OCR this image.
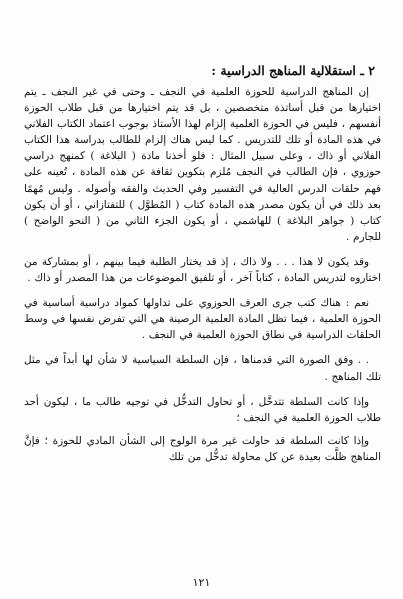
٢ ـ استقلالية المناهج الدراسية :

إن المناهج الدراسية للحوزة العلمية في النجف ـ وحتى في غير النجف ـ يتم اختيارها من قبل أساتذة متخصصين ، بل قد يتم اختيارها من قبل طلاب الحوزة أنفسهم ، فليس في الحوزة العلمية إلزام لهذا الأستاذ بوجوب اعتماد الكتاب الفلاني في هذه المادة أو تلك للتدريس . كما ليس هناك إلزام للطالب بدراسة هذا الكتاب الفلاني أو ذاك ، وعلى سبيل المثال : فلو أخذنا مادة ( البلاغة ) كمنهج دراسي حوزوي ، فإن الطالب في النجف مُلزم بتكوين ثقافة عن هذه المادة ، تُعينه على فهم حلقات الدرس العالية في التفسير وفي الحديث والفقه وأصوله . وليس مُهمًا بعد ذلك في أن يكون مصدر هذه المادة كتاب ( المُطوَّل ) للتفتازاني ، أو أن يكون كتاب ( جواهر البلاغة ) للهاشمي ، أو يكون الجزء الثاني من ( النحو الواضح ) للجارم .

وقد يكون لا هذا . . . ولا ذاك ، إذ قد يختار الطلبة فيما بينهم ، أو بمشاركة من اختاروه لتدريس المادة ، كتاباً آخر ، أو تلفيق الموضوعات من هذا المصدر أو ذاك .

نعم : هناك كتب جرى العرف الحوزوي على تداولها كمواد دراسية أساسية في الحوزة العلمية ، فيما تظل المادة العلمية الرصينة هي التي تفرض نفسها في وسط الحلقات الدراسية في نطاق الحوزة العلمية في النجف .

. . وفق الصورة التي قدمناها ، فإن السلطة السياسية لا شأن لها أبداً في مثل تلك المناهج .

وإذا كانت السلطة تتدخَّل ، أو تحاول التدخُّل في توجيه طالب ما ، ليكون أحد طلاب الحوزة العلمية في النجف ؛

وإذا كانت السلطة قد حاولت غير مرة الولوج إلى الشأن المادي للحوزة ؛ فإنَّ المناهج ظلَّت بعيدة عن كل محاولة تدخُّل من تلك

١٢١
